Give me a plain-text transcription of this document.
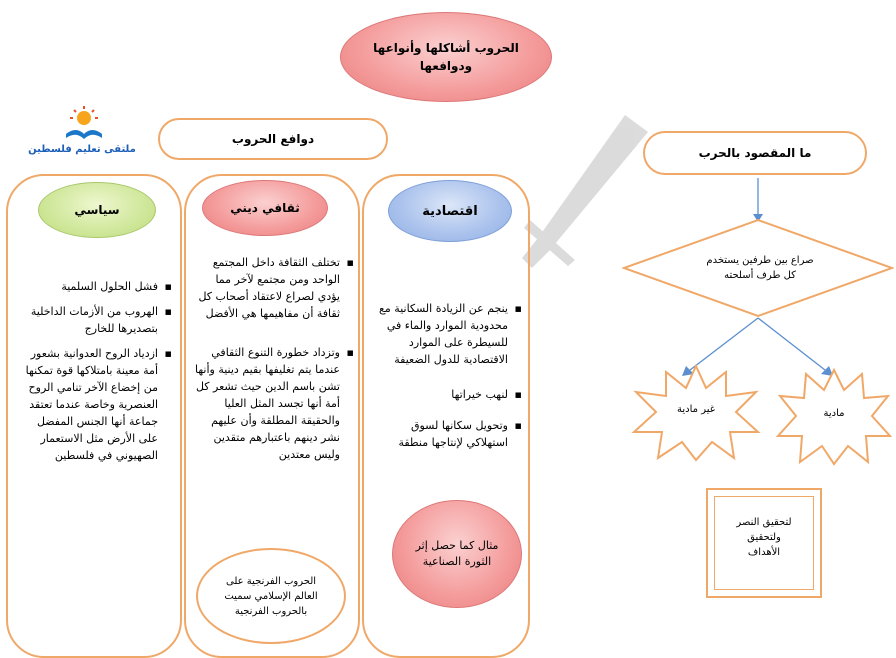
الحروب أشاكلها وأنواعها
ودوافعها
ملتقى تعليم فلسطين
دوافع الحروب
ما المقصود بالحرب
صراع بين طرفين يستخدم
كل طرف أسلحته
غير مادية	مادية
لتحقيق النصر
ولتحقيق
الأهداف
سياسي
▪ فشل الحلول السلمية
▪ الهروب من الأزمات الداخلية بتصديرها للخارج
▪ ازدياد الروح العدوانية بشعور أمة معينة بامتلاكها قوة تمكنها من إخضاع الآخر تنامي الروح العنصرية وخاصة عندما تعتقد جماعة أنها الجنس المفضل على الأرض مثل الاستعمار الصهيوني في فلسطين
ثقافي ديني
▪ تختلف الثقافة داخل المجتمع الواحد ومن مجتمع لآخر مما يؤدي لصراع لاعتقاد أصحاب كل ثقافة أن مفاهيمها هي الأفضل
▪ وتزداد خطورة التنوع الثقافي عندما يتم تغليفها بقيم دينية وأنها تشن باسم الدين حيث تشعر كل أمة أنها تجسد المثل العليا والحقيقة المطلقة وأن عليهم نشر دينهم باعتبارهم متقدين وليس معتدين
الحروب الفرنجية على العالم الإسلامي سميت بالحروب الفرنجية
اقتصادية
▪ ينجم عن الزيادة السكانية مع محدودية الموارد والماء في للسيطرة على الموارد الاقتصادية للدول الضعيفة
▪ لنهب خيراتها
▪ وتحويل سكانها لسوق استهلاكي لإنتاجها منطقة
مثال كما حصل إثر الثورة الصناعية
